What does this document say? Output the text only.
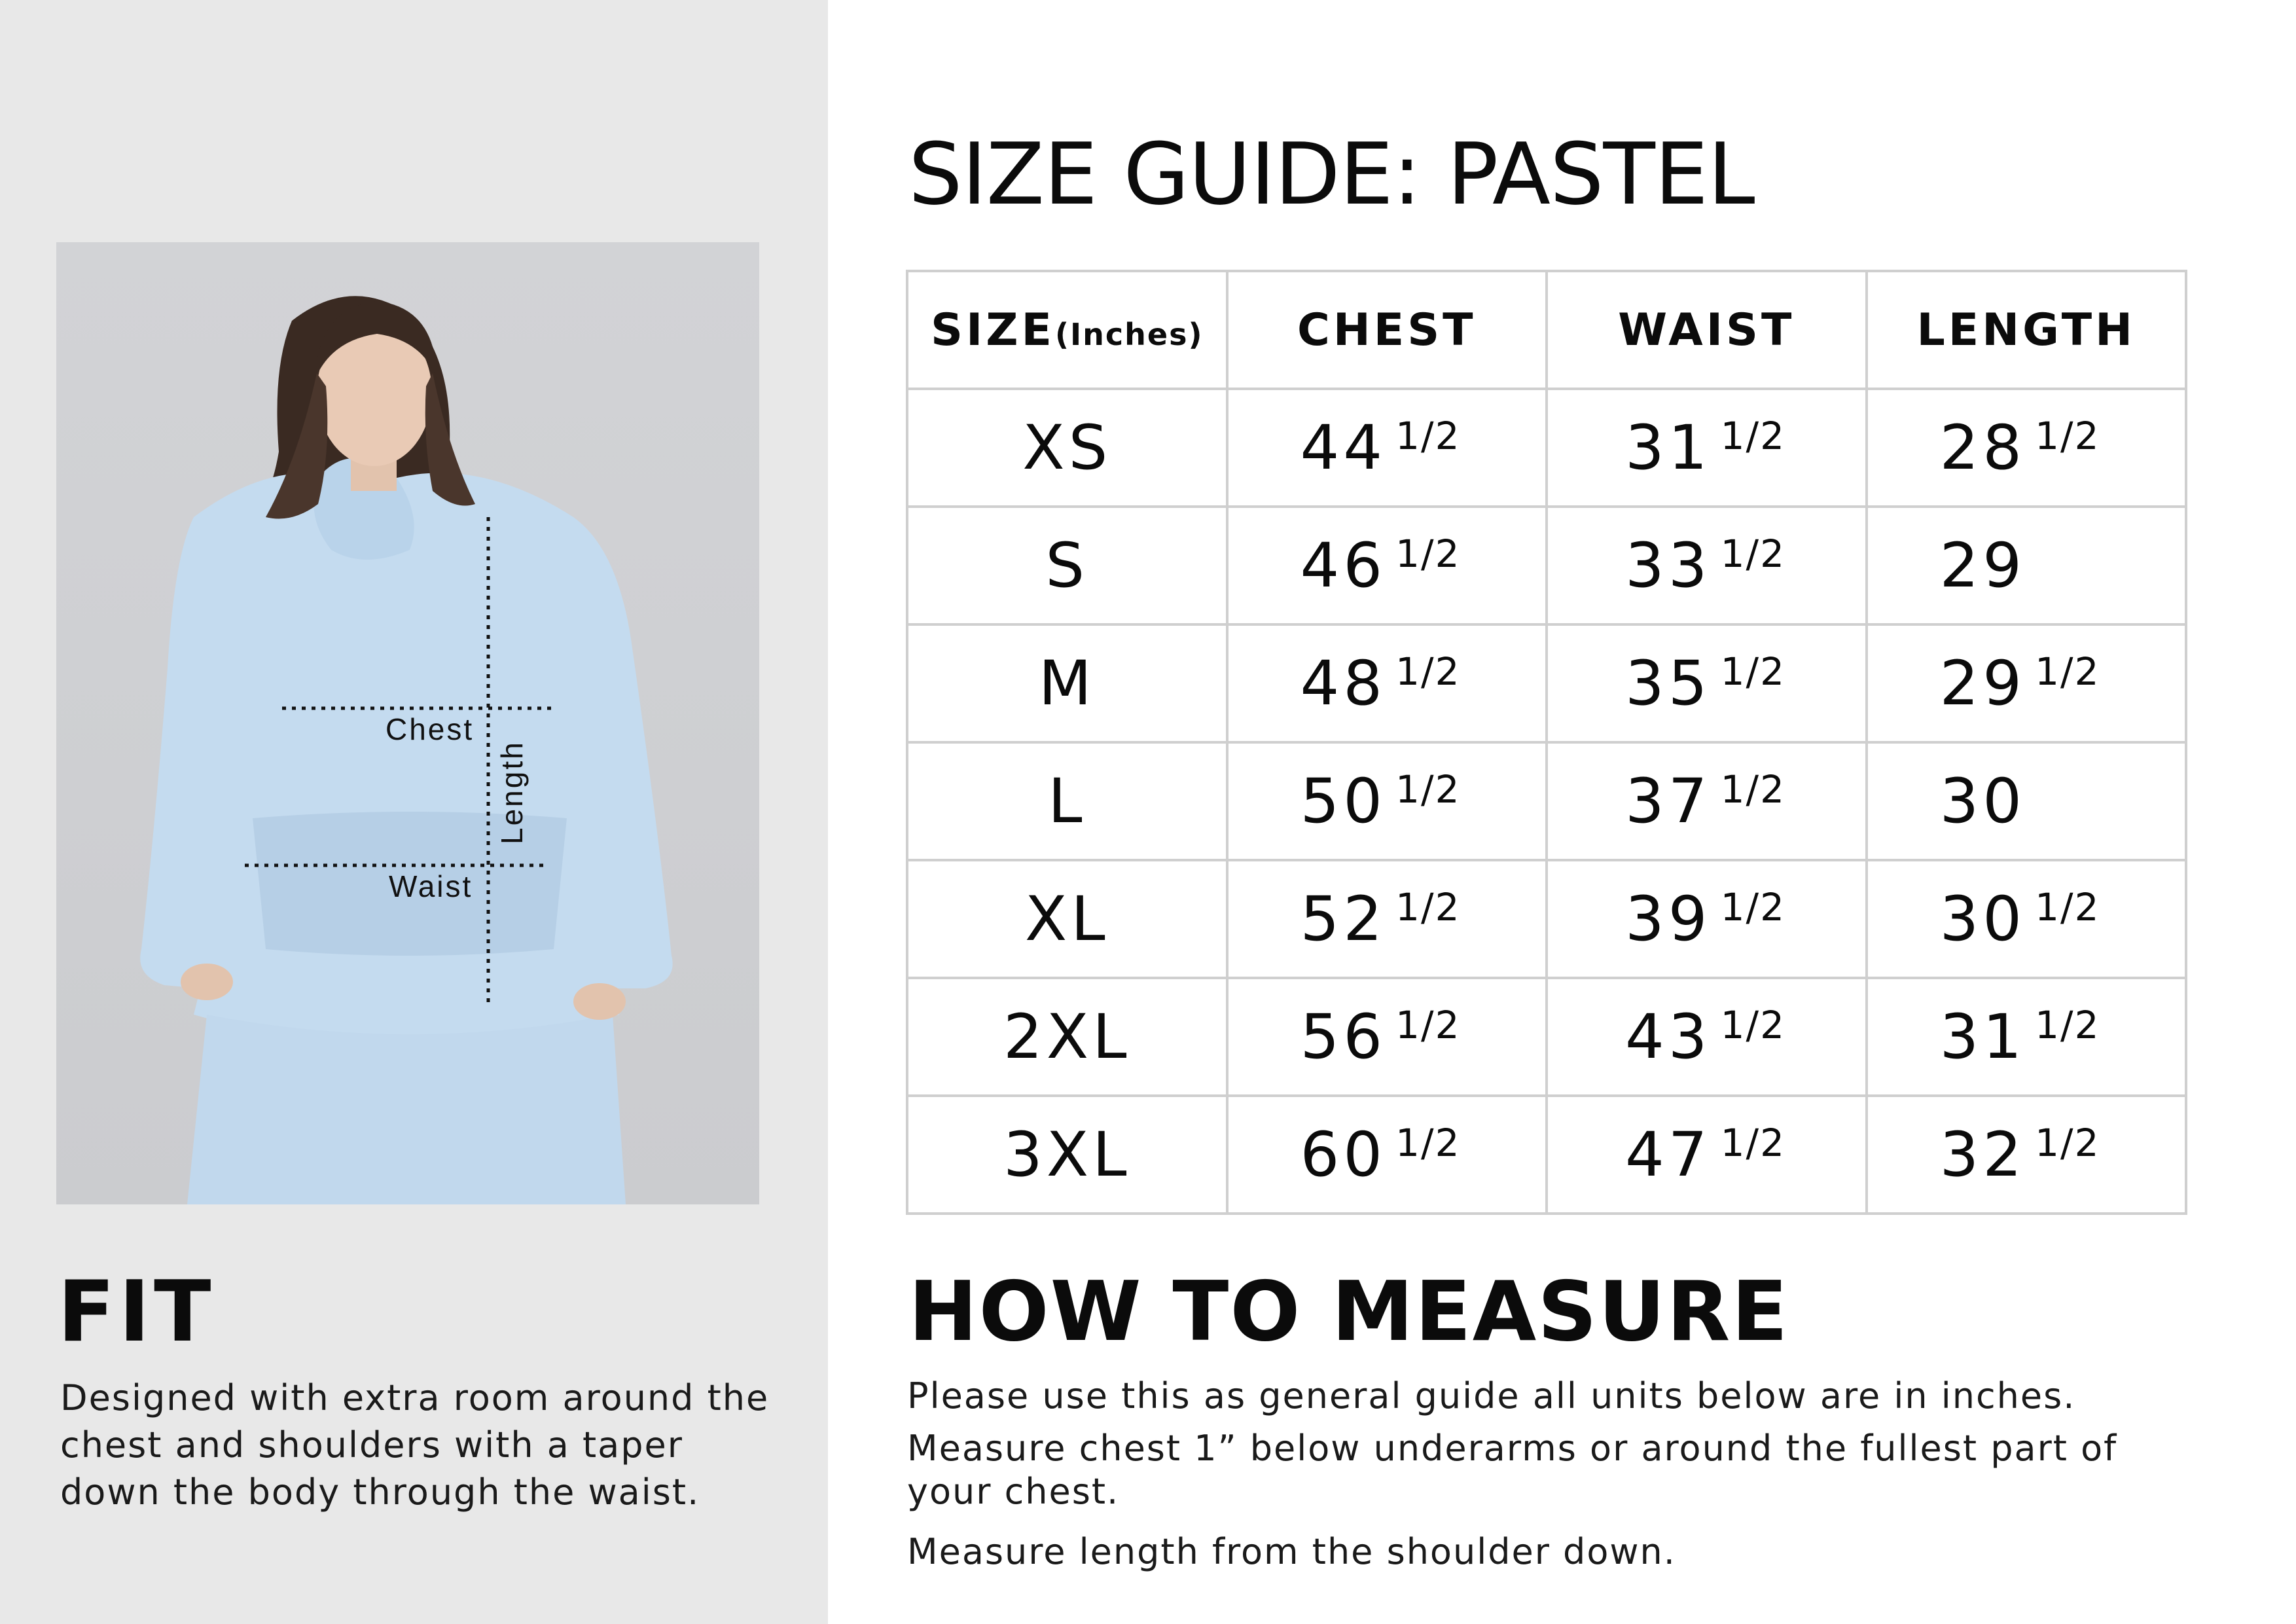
Chest
Waist
Length
FIT

Designed with extra room around the chest and shoulders with a taper down the body through the waist.

SIZE GUIDE: PASTEL
SIZE(Inches)	CHEST	WAIST	LENGTH
XS	44 $^{1/2}$	31 $^{1/2}$	28 $^{1/2}$
S	46 $^{1/2}$	33 $^{1/2}$	29
M	48 $^{1/2}$	35 $^{1/2}$	29 $^{1/2}$
L	50 $^{1/2}$	37 $^{1/2}$	30
XL	52 $^{1/2}$	39 $^{1/2}$	30 $^{1/2}$
2XL	56 $^{1/2}$	43 $^{1/2}$	31 $^{1/2}$
3XL	60 $^{1/2}$	47 $^{1/2}$	32 $^{1/2}$
HOW TO MEASURE

Please use this as general guide all units below are in inches.

Measure chest 1” below underarms or around the fullest part of your chest.

Measure length from the shoulder down.
